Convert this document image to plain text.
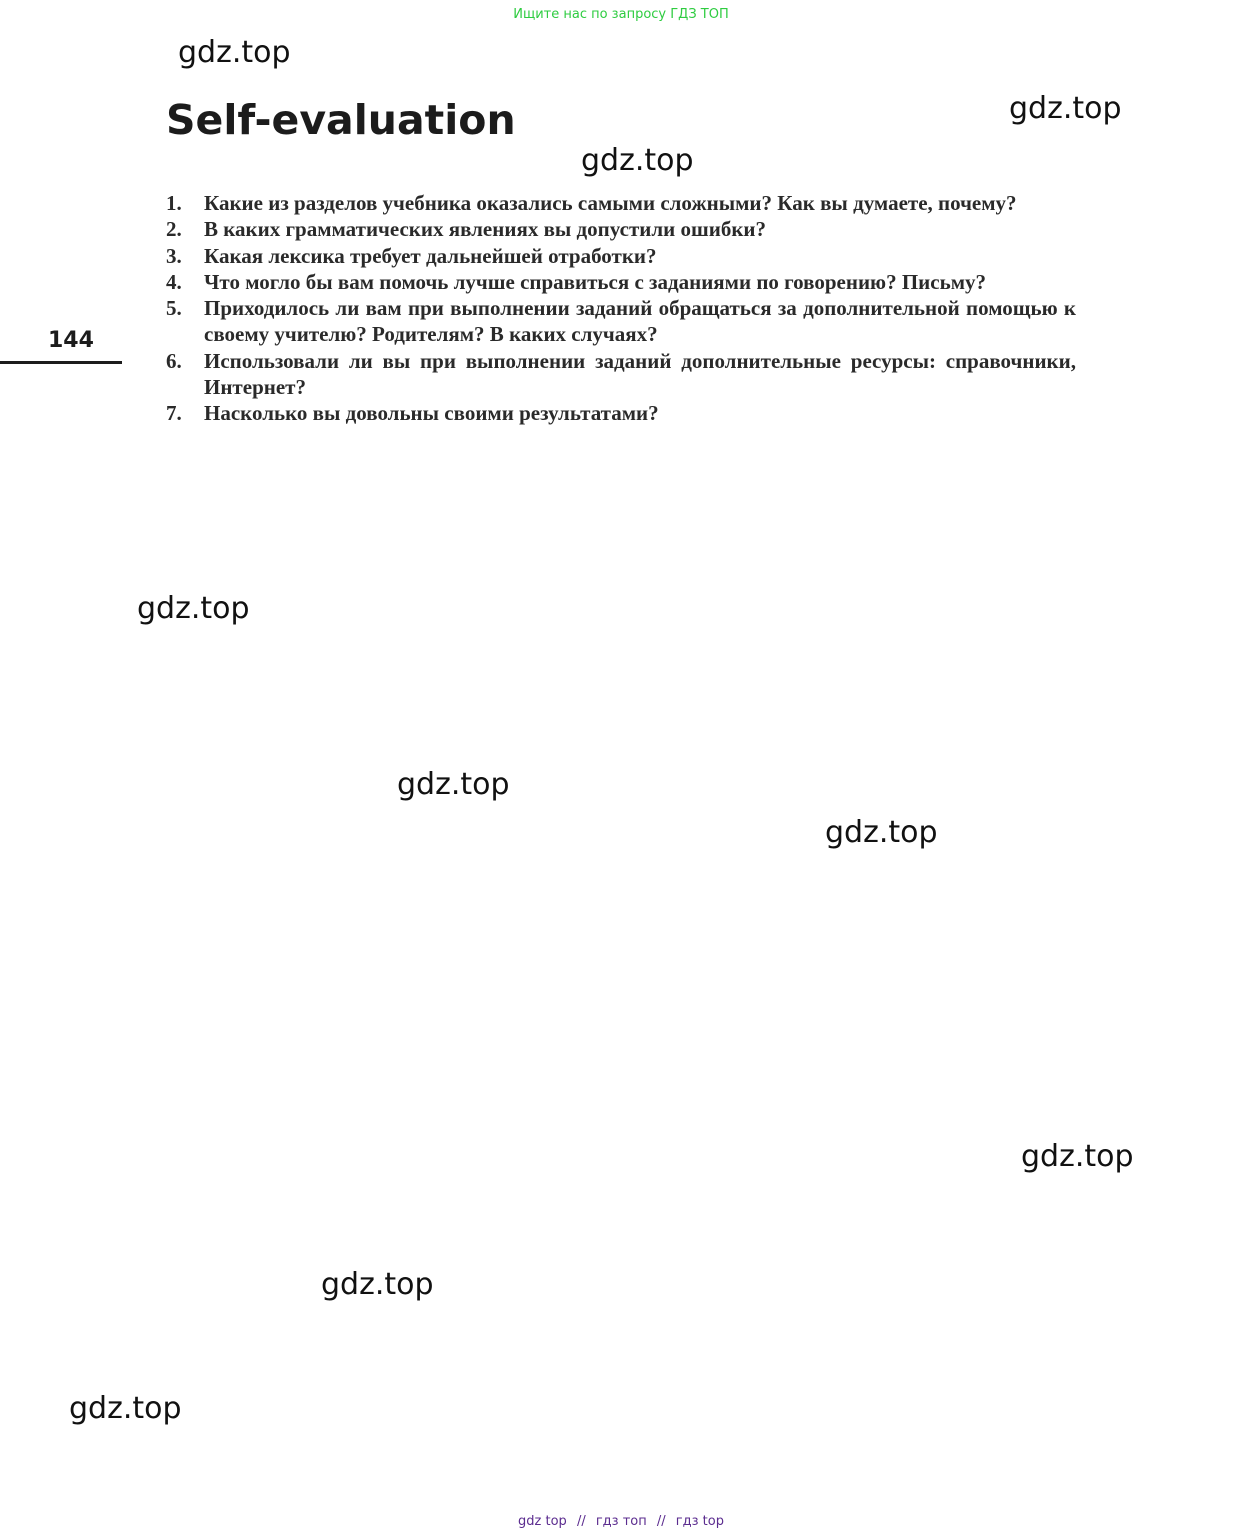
Ищите нас по запросу ГДЗ ТОП
gdz.top
gdz.top
gdz.top
gdz.top
gdz.top
gdz.top
gdz.top
gdz.top
gdz.top
Self-evaluation
144
1.	Какие из разделов учебника оказались самыми сложными? Как вы думаете, почему?
2.	В каких грамматических явлениях вы допустили ошибки?
3.	Какая лексика требует дальнейшей отработки?
4.	Что могло бы вам помочь лучше справиться с заданиями по говорению? Письму?
5.	Приходилось ли вам при выполнении заданий обращаться за дополнительной помощью к своему учителю? Родителям? В каких случаях?
6.	Использовали ли вы при выполнении заданий дополнительные ресурсы: справочники, Интернет?
7.	Насколько вы довольны своими результатами?
gdz top // гдз топ // гдз top
